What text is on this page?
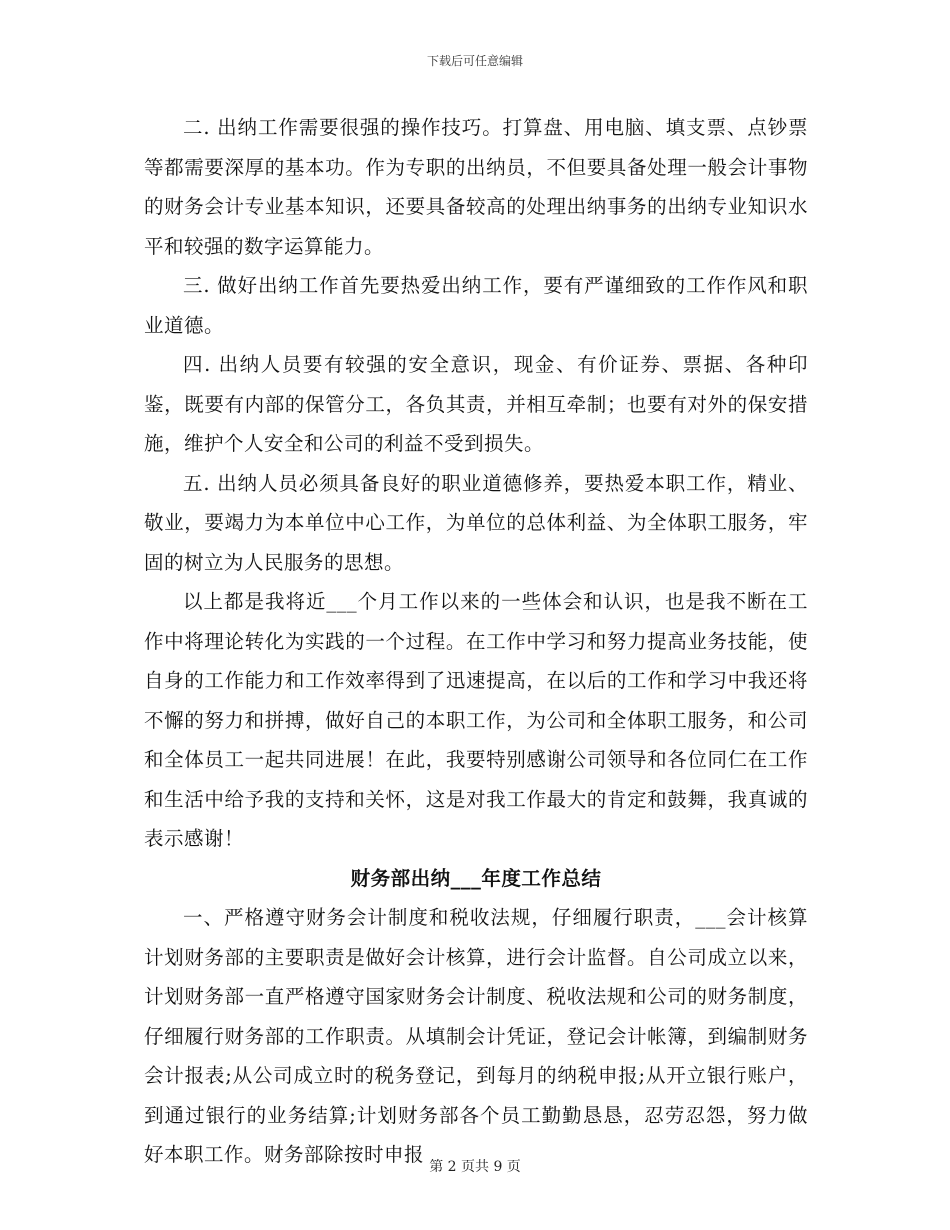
下载后可任意编辑

二. 出纳工作需要很强的操作技巧。打算盘、用电脑、填支票、点钞票等都需要深厚的基本功。作为专职的出纳员，不但要具备处理一般会计事物的财务会计专业基本知识，还要具备较高的处理出纳事务的出纳专业知识水平和较强的数字运算能力。

三. 做好出纳工作首先要热爱出纳工作，要有严谨细致的工作作风和职业道德。

四. 出纳人员要有较强的安全意识，现金、有价证券、票据、各种印鉴，既要有内部的保管分工，各负其责，并相互牵制；也要有对外的保安措施，维护个人安全和公司的利益不受到损失。

五. 出纳人员必须具备良好的职业道德修养，要热爱本职工作，精业、敬业，要竭力为本单位中心工作，为单位的总体利益、为全体职工服务，牢固的树立为人民服务的思想。

以上都是我将近___个月工作以来的一些体会和认识，也是我不断在工作中将理论转化为实践的一个过程。在工作中学习和努力提高业务技能，使自身的工作能力和工作效率得到了迅速提高，在以后的工作和学习中我还将不懈的努力和拼搏，做好自己的本职工作，为公司和全体职工服务，和公司和全体员工一起共同进展！在此，我要特别感谢公司领导和各位同仁在工作和生活中给予我的支持和关怀，这是对我工作最大的肯定和鼓舞，我真诚的表示感谢！

财务部出纳___年度工作总结

一、严格遵守财务会计制度和税收法规，仔细履行职责，___会计核算计划财务部的主要职责是做好会计核算，进行会计监督。自公司成立以来，计划财务部一直严格遵守国家财务会计制度、税收法规和公司的财务制度，仔细履行财务部的工作职责。从填制会计凭证，登记会计帐簿，到编制财务会计报表;从公司成立时的税务登记，到每月的纳税申报;从开立银行账户，到通过银行的业务结算;计划财务部各个员工勤勤恳恳，忍劳忍怨，努力做好本职工作。财务部除按时申报

第 2 页共 9 页
